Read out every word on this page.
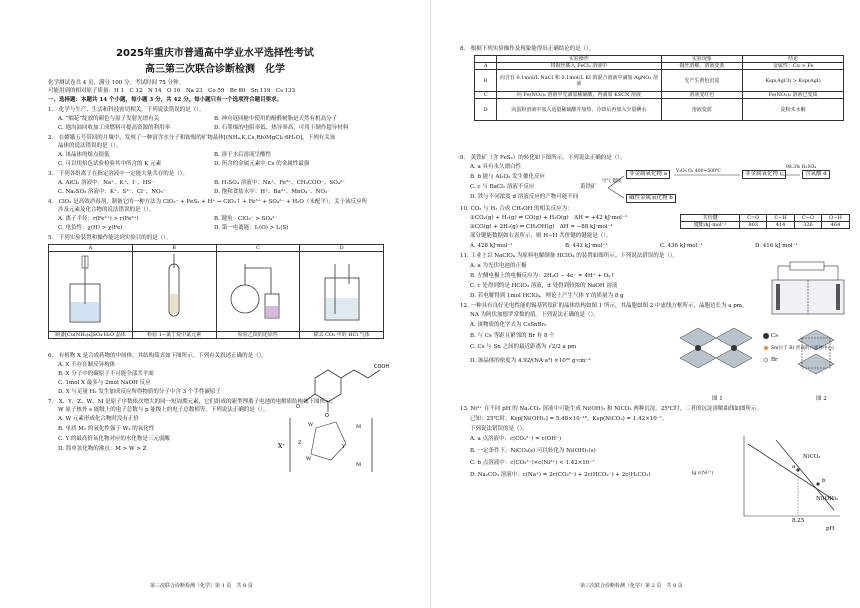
2025年重庆市普通高中学业水平选择性考试
高三第三次联合诊断检测　化学
化学测试卷共 4 页，满分 100 分。考试时间 75 分钟。
可能用到的相对原子质量：H 1　C 12　N 14　O 16　Na 23　Co 59　Br 80　Sn 119　Cs 133
一、选择题：本题共 14 个小题，每小题 3 分，共 42 分。每小题只有一个选项符合题目要求。
1.　化学与生产、生活和科技密切相关。下列说法错误的是（）。
A. “烟花”绽放的颜色与原子发射光谱有关	B. 神舟返回舱中使用的酚醛树脂是天然有机高分子
C. 地沟油回收加工成燃料可提高资源的利用率	D. 石墨烯的电阻率低、热导率高，可用于制作超导材料
2.　在嫦娥五号带回的月壤中，发现了一种富含水分子和铵根的矿物晶体[(NH₄,K,Cs,Rb)MgCl₃·6H₂O]。下列有关该
晶体的说法错误的是（）。
A. 该晶体的熔点很低	B. 溶于水后溶液呈酸性
C. 可以用焰色试验检验其中所含的 K 元素	D. 所含的金属元素中 Cs 的金属性最强
3.　下列各组离子在指定溶液中一定能大量共存的是（）。
A. AlCl₃ 溶液中：Na⁺、K⁺、I⁻、HS⁻	B. H₂SO₄ 溶液中：Na⁺、Fe³⁺、CH₃COO⁻、SO₄²⁻
C. Na₂SO₃ 溶液中：K⁺、S²⁻、Cl⁻、NO₃⁻	D. 饱和食盐水中：H⁺、Ba²⁺、MnO₄⁻、NO₃⁻
4.　ClO₂ 是高效消毒剂，制备它的一种方法为 ClO₃⁻ + FeS₂ + H⁺ → ClO₂↑ + Fe³⁺ + SO₄²⁻ + H₂O（未配平），关于该反应所
涉及元素及化合物的说法错误的是（）。
A. 离子半径：r(Fe²⁺) > r(Fe³⁺)	B. 键角：ClO₃⁻ > SO₄²⁻
C. 电负性：χ(H) > χ(Fe)	D. 第一电离能：I₁(O) > I₁(S)
5.　下列实验装置和操作能达到实验目的的是（）。
A	B	C	D

制备[Cu(NH₃)₄]SO₄·H₂O 晶体	检验 1−氯丁烷中氯元素	检验乙炔的还原性	除去 CO₂ 中的 HCl 气体
6.　有机物 X 是合成药物的中间体，其结构简式如下图所示。下列有关叙述正确的是（）。
A. X 不存在顺反异构体
B. X 分子中的碳原子不可能全部共平面
C. 1mol X 最多与 2mol NaOH 反应
D. X 与足量 H₂ 发生加成反应所得物质的分子中含 3 个手性碳原子
COOH
O
O
7.　X、Y、Z、W、M 是原子序数依次增大的同一短周期元素，它们组成的新型锂离子电池的电解质结构如下图所示，
W 原子核外 s 能级上的电子总数与 p 能级上的电子总数相等。下列说法正确的是（）。
A. W 元素形成化合物时没有正价
B. 单质 M₂ 的氧化性强于 W₂ 的氧化性
C. Y 的最高价氧化物对应的水化物是三元弱酸
D. 简单氢化物的沸点：M > W > Z	X⁺	Y
M
M
W
W
Z
第三次联合诊断检测（化学）第 1 页　共 8 页
8.　根据下列实验操作及现象能得出正确结论的是（）。
	实验操作	实验现象	结论
A	将铜丝插入 FeCl₃ 溶液中	铜丝溶解，溶液变蓝	金属性：Cu > Fe
B	向含有 0.1mol/L NaCl 和 0.1mol/L KI 的混合溶液中滴加 AgNO₃ 溶液	先产生黄色沉淀	Ksp(AgCl) > Ksp(AgI)
C	向 Fe(NO₃)₂ 溶液中先滴加稀硫酸，再滴加 KSCN 溶液	溶液变红色	Fe(NO₃)₂ 溶液已变质
D	向蛋粉溶液中加入适量稀硫酸并加热，冷却后再加入少量碘水	溶液变蓝	淀粉未水解
9.　黄铁矿（含 FeS₂）的转化如下图所示。下列说法正确的是（）。
A. a 具有永久漂白性
B. b 能与 Al₂O₃ 发生催化反应
C. c 与 BaCl₂ 溶液不反应
D. 铁与不同浓度 d 溶液反应的产物可能不同
黄铁矿
空气 煅烧
非金属氧化物 a	V₂O₅ O₂ 400~500℃	非金属氧化物 c
98.3% H₂SO₄
含氧酸 d
碱性金属氧化物 b
10. CO₂ 与 H₂ 合成 CH₃OH 的相关反应为：
①CO₂(g) + H₂(g) ⇌ CO(g) + H₂O(g)　ΔH = +42 kJ·mol⁻¹
②CO(g) + 2H₂(g) ⇌ CH₃OH(g)　ΔH = −88 kJ·mol⁻¹
部分键能数据如右表所示，则 H−H 共价键的键能是（）。
共价键	C=O	C−H	C−O	O−H
键能/kJ·mol⁻¹	803	414	326	464
A. 428 kJ·mol⁻¹	B. 442 kJ·mol⁻¹	C. 436 kJ·mol⁻¹	D. 416 kJ·mol⁻¹
11. 工业上以 NaClO₄ 为原料电解制备 HClO₄ 的装置如图所示。下列说法错误的是（）。
A. a 为光伏电池的正极
B. 左侧电极上的电极反应为：2H₂O − 4e⁻ = 4H⁺ + O₂↑
C. c 处得到的是 HClO₄ 溶液，d 处得到较浓的 NaOH 溶液
D. 若电解得到 1mol HClO₄，理论上产生气体 Y 的质量为 8 g
12. 一种具有良好光电性能的锡基钙钛矿的晶体结构如图 1 所示，其晶胞如图 2 中虚线方框所示，晶胞边长为 a pm。
NA 为阿伏加德罗常数的值。下列说法正确的是（）。
A. 该物质的化学式为 CsSnBr₆
B. 与 Cs 等距且紧邻的 Br 有 8 个
C. Cs 与 Sn 之间的最近距离为 √2/2 a pm
D. 该晶体的密度为 4.92/(NA·a³) ×10³² g·cm⁻³
Cs
Sn(位于 Br 形成的八面体中心)
Br
图 1	图 2
13. Ni²⁺ 在不同 pH 的 Na₂CO₃ 溶液中可能生成 Ni(OH)₂ 和 NiCO₃ 两种沉淀。25℃时，二者的沉淀溶解曲线如图所示。
已知：25℃时，Ksp[Ni(OH)₂] = 5.48×10⁻¹⁶，Ksp(NiCO₃) = 1.42×10⁻⁷。
下列说法错误的是（）。
A. a 点溶液中：c(CO₃²⁻) = c(OH⁻)
B. 一定条件下，NiCO₃(s) 可以转化为 Ni(OH)₂(s)
C. b 点溶液中：c(CO₃²⁻)×c(Ni²⁺) < 1.42×10⁻⁷
D. Na₂CO₃ 溶液中：c(Na⁺) = 2c(CO₃²⁻) + 2c(HCO₃⁻) + 2c(H₂CO₃)
NiCO₃
Ni(OH)₂
a
b
8.25
pH
lg c(Ni²⁺)
第三次联合诊断检测（化学）第 2 页　共 8 页
